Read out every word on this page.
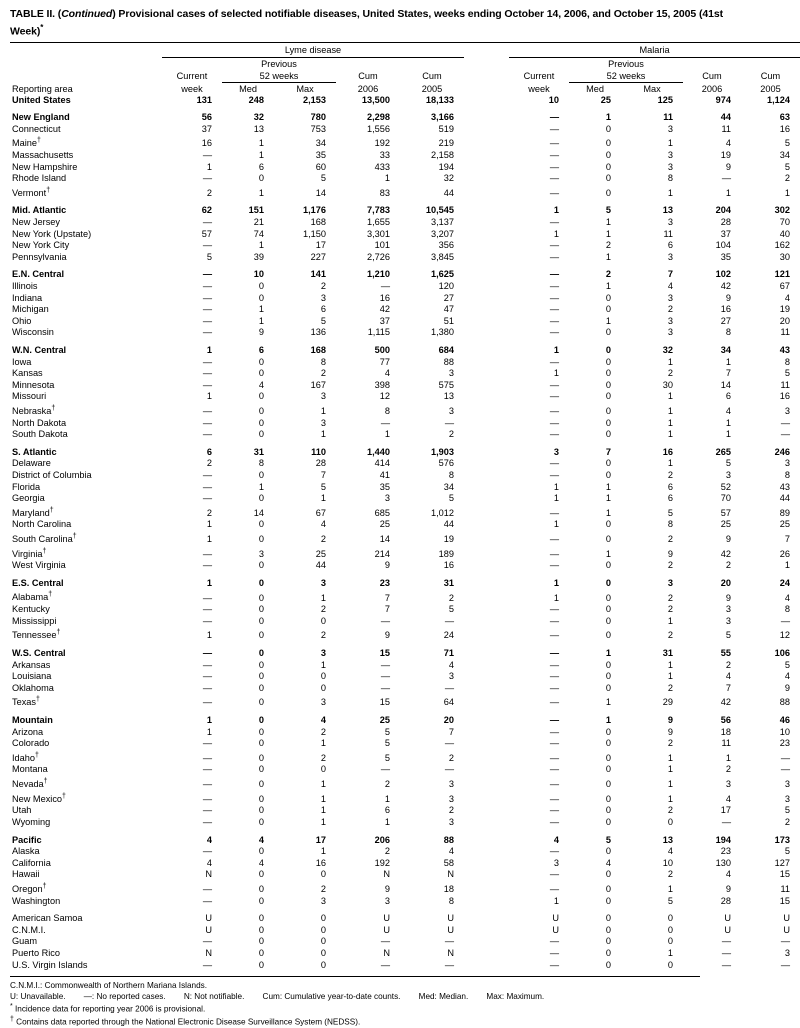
TABLE II. (Continued) Provisional cases of selected notifiable diseases, United States, weeks ending October 14, 2006, and October 15, 2005 (41st Week)*

	Lyme disease						Malaria				
		Previous						Previous			
	Current	52 weeks		Cum	Cum		Current	52 weeks		Cum	Cum
Reporting area	week	Med	Max	2006	2005		week	Med	Max	2006	2005
United States	131	248	2,153	13,500	18,133		10	25	125	974	1,124

New England	56	32	780	2,298	3,166		—	1	11	44	63
Connecticut	37	13	753	1,556	519		—	0	3	11	16
Maine†	16	1	34	192	219		—	0	1	4	5
Massachusetts	—	1	35	33	2,158		—	0	3	19	34
New Hampshire	1	6	60	433	194		—	0	3	9	5
Rhode Island	—	0	5	1	32		—	0	8	—	2
Vermont†	2	1	14	83	44		—	0	1	1	1

Mid. Atlantic	62	151	1,176	7,783	10,545		1	5	13	204	302
New Jersey	—	21	168	1,655	3,137		—	1	3	28	70
New York (Upstate)	57	74	1,150	3,301	3,207		1	1	11	37	40
New York City	—	1	17	101	356		—	2	6	104	162
Pennsylvania	5	39	227	2,726	3,845		—	1	3	35	30

E.N. Central	—	10	141	1,210	1,625		—	2	7	102	121
Illinois	—	0	2	—	120		—	1	4	42	67
Indiana	—	0	3	16	27		—	0	3	9	4
Michigan	—	1	6	42	47		—	0	2	16	19
Ohio	—	1	5	37	51		—	1	3	27	20
Wisconsin	—	9	136	1,115	1,380		—	0	3	8	11

W.N. Central	1	6	168	500	684		1	0	32	34	43
Iowa	—	0	8	77	88		—	0	1	1	8
Kansas	—	0	2	4	3		1	0	2	7	5
Minnesota	—	4	167	398	575		—	0	30	14	11
Missouri	1	0	3	12	13		—	0	1	6	16
Nebraska†	—	0	1	8	3		—	0	1	4	3
North Dakota	—	0	3	—	—		—	0	1	1	—
South Dakota	—	0	1	1	2		—	0	1	1	—

S. Atlantic	6	31	110	1,440	1,903		3	7	16	265	246
Delaware	2	8	28	414	576		—	0	1	5	3
District of Columbia	—	0	7	41	8		—	0	2	3	8
Florida	—	1	5	35	34		1	1	6	52	43
Georgia	—	0	1	3	5		1	1	6	70	44
Maryland†	2	14	67	685	1,012		—	1	5	57	89
North Carolina	1	0	4	25	44		1	0	8	25	25
South Carolina†	1	0	2	14	19		—	0	2	9	7
Virginia†	—	3	25	214	189		—	1	9	42	26
West Virginia	—	0	44	9	16		—	0	2	2	1

E.S. Central	1	0	3	23	31		1	0	3	20	24
Alabama†	—	0	1	7	2		1	0	2	9	4
Kentucky	—	0	2	7	5		—	0	2	3	8
Mississippi	—	0	0	—	—		—	0	1	3	—
Tennessee†	1	0	2	9	24		—	0	2	5	12

W.S. Central	—	0	3	15	71		—	1	31	55	106
Arkansas	—	0	1	—	4		—	0	1	2	5
Louisiana	—	0	0	—	3		—	0	1	4	4
Oklahoma	—	0	0	—	—		—	0	2	7	9
Texas†	—	0	3	15	64		—	1	29	42	88

Mountain	1	0	4	25	20		—	1	9	56	46
Arizona	1	0	2	5	7		—	0	9	18	10
Colorado	—	0	1	5	—		—	0	2	11	23
Idaho†	—	0	2	5	2		—	0	1	1	—
Montana	—	0	0	—	—		—	0	1	2	—
Nevada†	—	0	1	2	3		—	0	1	3	3
New Mexico†	—	0	1	1	3		—	0	1	4	3
Utah	—	0	1	6	2		—	0	2	17	5
Wyoming	—	0	1	1	3		—	0	0	—	2

Pacific	4	4	17	206	88		4	5	13	194	173
Alaska	—	0	1	2	4		—	0	4	23	5
California	4	4	16	192	58		3	4	10	130	127
Hawaii	N	0	0	N	N		—	0	2	4	15
Oregon†	—	0	2	9	18		—	0	1	9	11
Washington	—	0	3	3	8		1	0	5	28	15

American Samoa	U	0	0	U	U		U	0	0	U	U
C.N.M.I.	U	0	0	U	U		U	0	0	U	U
Guam	—	0	0	—	—		—	0	0	—	—
Puerto Rico	N	0	0	N	N		—	0	1	—	3
U.S. Virgin Islands	—	0	0	—	—		—	0	0	—	—
C.N.M.I.: Commonwealth of Northern Mariana Islands.
U: Unavailable.        —: No reported cases.        N: Not notifiable.        Cum: Cumulative year-to-date counts.        Med: Median.        Max: Maximum.
* Incidence data for reporting year 2006 is provisional.
† Contains data reported through the National Electronic Disease Surveillance System (NEDSS).
